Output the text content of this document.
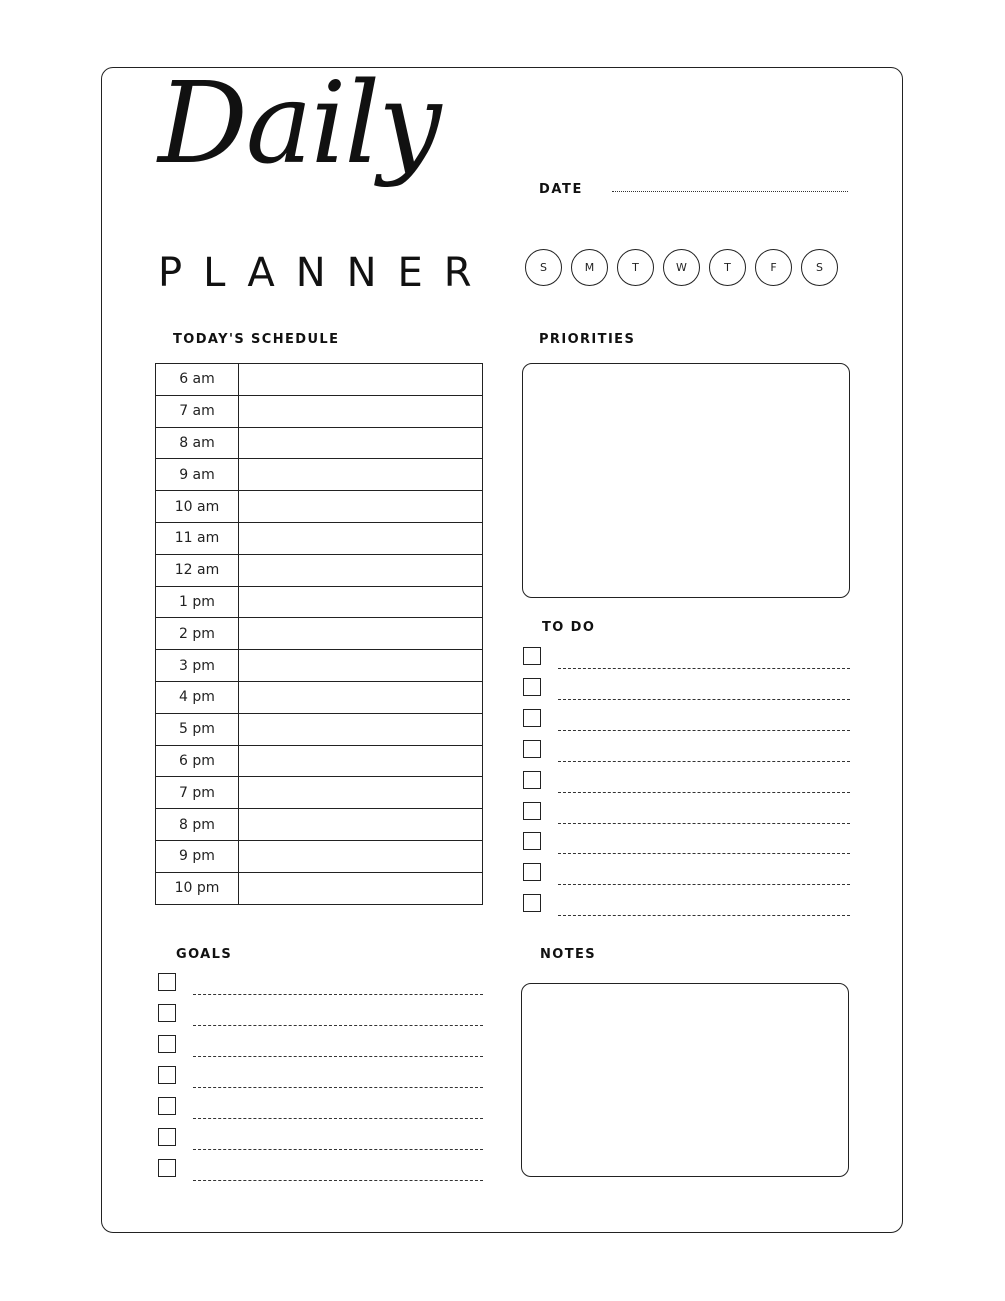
Daily
PLANNER
DATE
S	M	T	W	T	F	S
TODAY'S SCHEDULE
6 am	
7 am	
8 am	
9 am	
10 am	
11 am	
12 am	
1 pm	
2 pm	
3 pm	
4 pm	
5 pm	
6 pm	
7 pm	
8 pm	
9 pm	
10 pm	
PRIORITIES
TO DO
GOALS	NOTES
